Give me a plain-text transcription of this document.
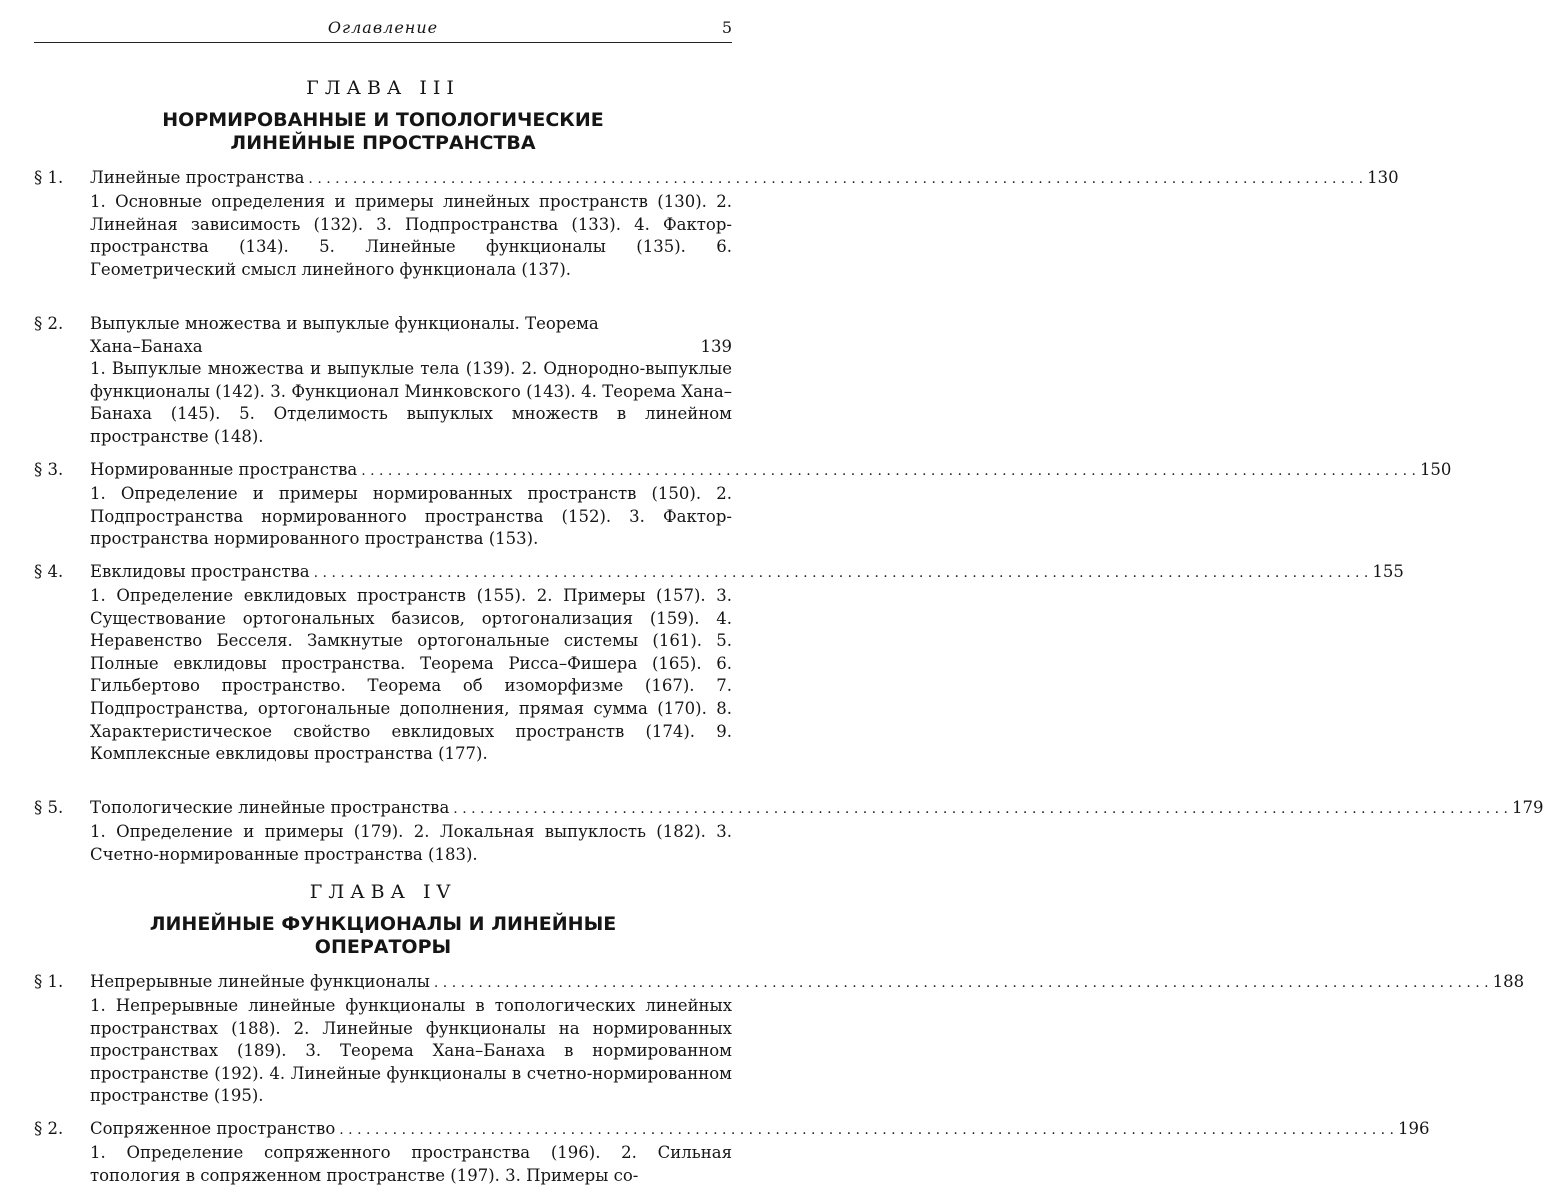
Оглавление	5
ГЛАВА III
НОРМИРОВАННЫЕ И ТОПОЛОГИЧЕСКИЕ
ЛИНЕЙНЫЕ ПРОСТРАНСТВА
§ 1.	Линейные пространства . . .	130
1. Основные определения и примеры линейных пространств (130). 2. Линейная зависимость (132). 3. Подпространства (133). 4. Фактор-пространства (134). 5. Линейные функционалы (135). 6. Геометрический смысл линейного функционала (137).
§ 2.	Выпуклые множества и выпуклые функционалы. Теорема
Хана–Банаха	139
1. Выпуклые множества и выпуклые тела (139). 2. Однородно-выпуклые функционалы (142). 3. Функционал Минковского (143). 4. Теорема Хана–Банаха (145). 5. Отделимость выпуклых множеств в линейном пространстве (148).
§ 3.	Нормированные пространства . . .	150
1. Определение и примеры нормированных пространств (150). 2. Подпространства нормированного пространства (152). 3. Фактор-пространства нормированного пространства (153).
§ 4.	Евклидовы пространства . . .	155
1. Определение евклидовых пространств (155). 2. Примеры (157). 3. Существование ортогональных базисов, ортогонализация (159). 4. Неравенство Бесселя. Замкнутые ортогональные системы (161). 5. Полные евклидовы пространства. Теорема Рисса–Фишера (165). 6. Гильбертово пространство. Теорема об изоморфизме (167). 7. Подпространства, ортогональные дополнения, прямая сумма (170). 8. Характеристическое свойство евклидовых пространств (174). 9. Комплексные евклидовы пространства (177).
§ 5.	Топологические линейные пространства . . .	179
1. Определение и примеры (179). 2. Локальная выпуклость (182). 3. Счетно-нормированные пространства (183).
ГЛАВА IV
ЛИНЕЙНЫЕ ФУНКЦИОНАЛЫ И ЛИНЕЙНЫЕ
ОПЕРАТОРЫ
§ 1.	Непрерывные линейные функционалы . . .	188
1. Непрерывные линейные функционалы в топологических линейных пространствах (188). 2. Линейные функционалы на нормированных пространствах (189). 3. Теорема Хана–Банаха в нормированном пространстве (192). 4. Линейные функционалы в счетно-нормированном пространстве (195).
§ 2.	Сопряженное пространство . . .	196
1. Определение сопряженного пространства (196). 2. Сильная топология в сопряженном пространстве (197). 3. Примеры со-
